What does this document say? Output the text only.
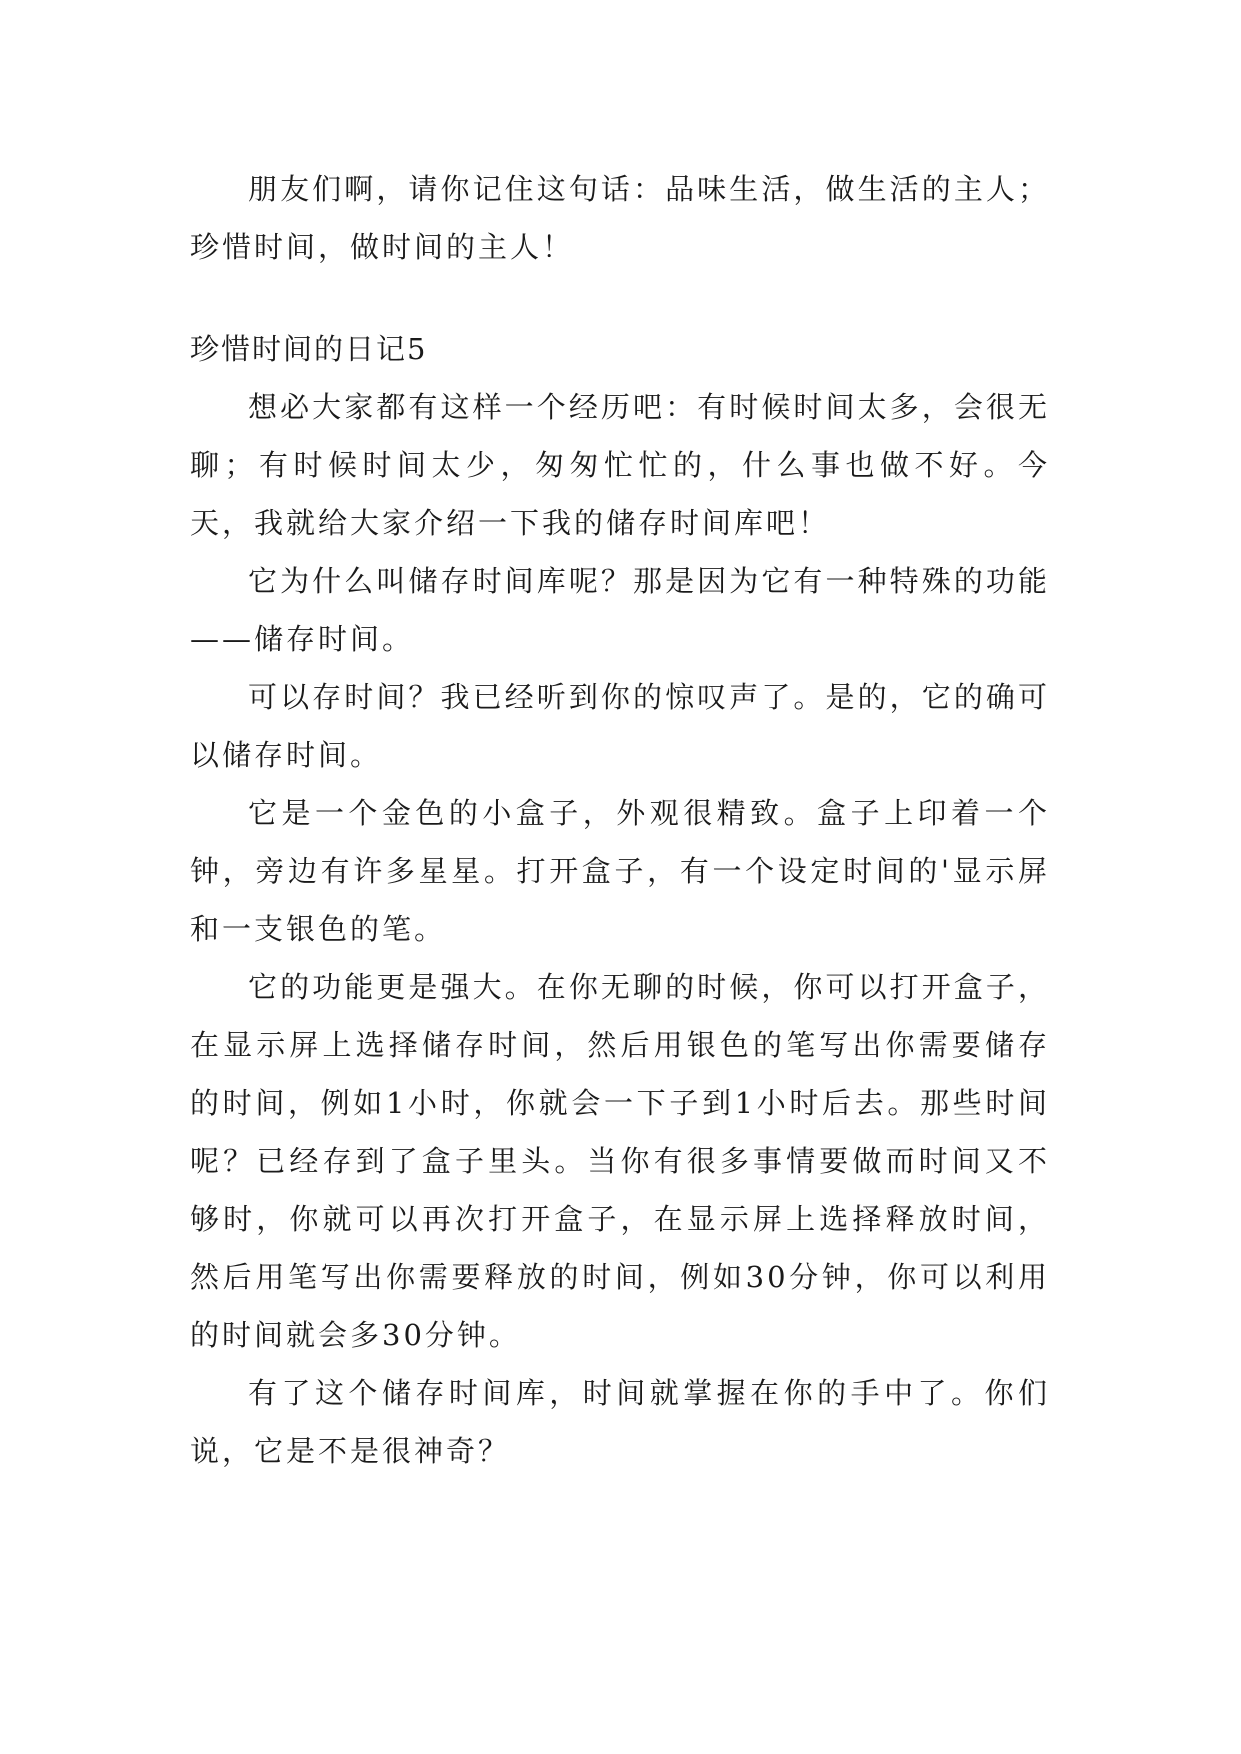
朋友们啊，请你记住这句话：品味生活，做生活的主人；珍惜时间，做时间的主人！

珍惜时间的日记5

想必大家都有这样一个经历吧：有时候时间太多，会很无聊；有时候时间太少，匆匆忙忙的，什么事也做不好。今天，我就给大家介绍一下我的储存时间库吧！

它为什么叫储存时间库呢？那是因为它有一种特殊的功能——储存时间。

可以存时间？我已经听到你的惊叹声了。是的，它的确可以储存时间。

它是一个金色的小盒子，外观很精致。盒子上印着一个钟，旁边有许多星星。打开盒子，有一个设定时间的'显示屏和一支银色的笔。

它的功能更是强大。在你无聊的时候，你可以打开盒子，在显示屏上选择储存时间，然后用银色的笔写出你需要储存的时间，例如1小时，你就会一下子到1小时后去。那些时间呢？已经存到了盒子里头。当你有很多事情要做而时间又不够时，你就可以再次打开盒子，在显示屏上选择释放时间，然后用笔写出你需要释放的时间，例如30分钟，你可以利用的时间就会多30分钟。

有了这个储存时间库，时间就掌握在你的手中了。你们说，它是不是很神奇？
